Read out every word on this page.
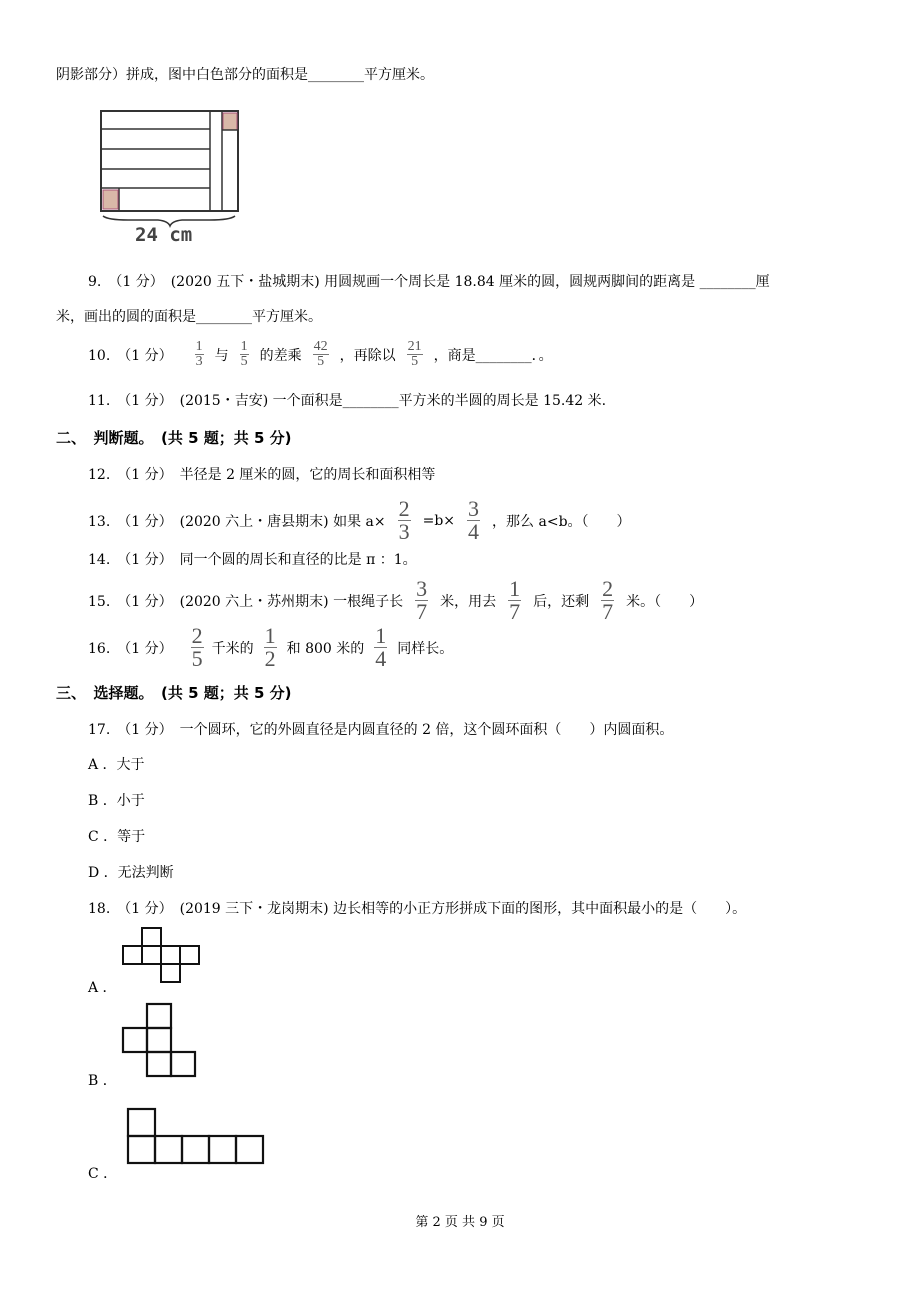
阴影部分）拼成，图中白色部分的面积是________平方厘米。
24 cm
9.　（1 分）　(2020 五下・盐城期末) 用圆规画一个周长是 18.84 厘米的圆，圆规两脚间的距离是 ________厘
米，画出的圆的面积是________平方厘米。
10.　（1 分） $\frac{1}{3}$ 与 $\frac{1}{5}$ 的差乘 $\frac{42}{5}$ ，再除以 $\frac{21}{5}$ ，商是________．。
11.　（1 分）　(2015・吉安) 一个面积是________平方米的半圆的周长是 15.42 米.
二、　判断题。　(共 5 题；共 5 分)
12.　（1 分）　半径是 2 厘米的圆，它的周长和面积相等
13.　（1 分）　(2020 六上・唐县期末) 如果 $a\times \frac{2}{3} =b\times \frac{3}{4}$ ，那么 a<b。（　　）
14.　（1 分）　同一个圆的周长和直径的比是 π ：1。
15.　（1 分）　(2020 六上・苏州期末) 一根绳子长 $\frac{3}{7}$ 米，用去 $\frac{1}{7}$ 后，还剩 $\frac{2}{7}$ 米。（　　）
16.　（1 分） $\frac{2}{5}$ 千米的 $\frac{1}{2}$ 和 800 米的 $\frac{1}{4}$ 同样长。
三、　选择题。　(共 5 题；共 5 分)
17.　（1 分）　一个圆环，它的外圆直径是内圆直径的 2 倍，这个圆环面积（　　）内圆面积。
A ．大于
B ．小于
C ．等于
D ．无法判断
18.　（1 分）　(2019 三下・龙岗期末) 边长相等的小正方形拼成下面的图形，其中面积最小的是（　　）。
A ．
B ．
C ．
第 2 页 共 9 页
